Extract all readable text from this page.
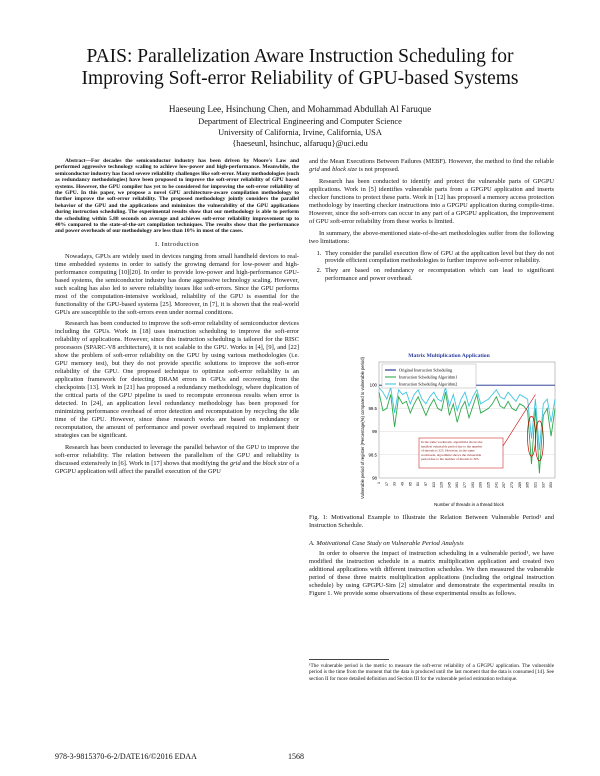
PAIS: Parallelization Aware Instruction Scheduling for
Improving Soft-error Reliability of GPU-based Systems
Haeseung Lee, Hsinchung Chen, and Mohammad Abdullah Al Faruque
Department of Electrical Engineering and Computer Science
University of California, Irvine, California, USA
{haeseunl, hsinchuc, alfaruqu}@uci.edu

Abstract—For decades the semiconductor industry has been driven by Moore's Law and performed aggressive technology scaling to achieve low-power and high-performance. Meanwhile, the semiconductor industry has faced severe reliability challenges like soft-error. Many methodologies (such as redundancy methodologies) have been proposed to improve the soft-error reliability of GPU based systems. However, the GPU compiler has yet to be considered for improving the soft-error reliability of the GPU. In this paper, we propose a novel GPU architecture-aware compilation methodology to further improve the soft-error reliability. The proposed methodology jointly considers the parallel behavior of the GPU and the applications and minimizes the vulnerability of the GPU applications during instruction scheduling. The experimental results show that our methodology is able to perform the scheduling within 5.88 seconds on average and achieves soft-error reliability improvement up to 40% compared to the state-of-the-art compilation techniques. The results show that the performance and power overheads of our methodology are less than 10% in most of the cases.

I. Introduction

Nowadays, GPUs are widely used in devices ranging from small handheld devices to real-time embedded systems in order to satisfy the growing demand for low-power and high-performance computing [10][20]. In order to provide low-power and high-performance GPU-based systems, the semiconductor industry has done aggressive technology scaling. However, such scaling has also led to severe reliability issues like soft-errors. Since the GPU performs most of the computation-intensive workload, reliability of the GPU is essential for the functionality of the GPU-based systems [25]. Moreover, in [7], it is shown that the real-world GPUs are susceptible to the soft-errors even under normal conditions.

Research has been conducted to improve the soft-error reliability of semiconductor devices including the GPUs. Work in [18] uses instruction scheduling to improve the soft-error reliability of applications. However, since this instruction scheduling is tailored for the RISC processors (SPARC-V8 architecture), it is not scalable to the GPU. Works in [4], [9], and [22] show the problem of soft-error reliability on the GPU by using various methodologies (i.e. GPU memory test), but they do not provide specific solutions to improve the soft-error reliability of the GPU. One proposed technique to optimize soft-error reliability is an application framework for detecting DRAM errors in GPUs and recovering from the checkpoints [13]. Work in [21] has proposed a redundancy methodology, where duplication of the critical parts of the GPU pipeline is used to recompute erroneous results when error is detected. In [24], an application level redundancy methodology has been proposed for minimizing performance overhead of error detection and recomputation by recycling the idle time of the GPU. However, since these research works are based on redundancy or recomputation, the amount of performance and power overhead required to implement their strategies can be significant.

Research has been conducted to leverage the parallel behavior of the GPU to improve the soft-error reliability. The relation between the parallelism of the GPU and reliability is discussed extensively in [6]. Work in [17] shows that modifying the grid and the block size of a GPGPU application will affect the parallel execution of the GPU

and the Mean Executions Between Failures (MEBF). However, the method to find the reliable grid and block size is not proposed.

Research has been conducted to identify and protect the vulnerable parts of GPGPU applications. Work in [5] identifies vulnerable parts from a GPGPU application and inserts checker functions to protect these parts. Work in [12] has proposed a memory access protection methodology by inserting checker instructions into a GPGPU application during compile-time. However, since the soft-errors can occur in any part of a GPGPU application, the improvement of GPU soft-error reliability from these works is limited.

In summary, the above-mentioned state-of-the-art methodologies suffer from the following two limitations:

1. They consider the parallel execution flow of GPU at the application level but they do not provide efficient compilation methodologies to further improve soft-error reliability.
2. They are based on redundancy or recomputation which can lead to significant performance and power overhead.
Vulnerable period of register (Percentage(%) compared to vulnerable period)
Number of threads in a thread block
100
99.5
99
98.5
98
1 17 33 49 65 81 97 113 129 145 161 177 193 209 225 241 257 273 289 305 321 337 353
In the same workloads, algorithm1 shows the
smallest vulnerable period due to the number
of threads is 325. However, in the same
workloads, algorithm2 shows the vulnerable
period due to the number of threads is 305.
Original Instruction Scheduling
Instruction Scheduling Algorithm1
Instruction Scheduling Algorithm2
Matrix Multiplication Application
Fig. 1: Motivational Example to Illustrate the Relation Between Vulnerable Period¹ and Instruction Schedule.

A. Motivational Case Study on Vulnerable Period Analysis

In order to observe the impact of instruction scheduling in a vulnerable period¹, we have modified the instruction schedule in a matrix multiplication application and created two additional applications with different instruction schedules. We then measured the vulnerable period of these three matrix multiplication applications (including the original instruction schedule) by using GPGPU-Sim [2] simulator and demonstrate the experimental results in Figure 1. We provide some observations of these experimental results as follows.

¹The vulnerable period is the metric to measure the soft-error reliability of a GPGPU application. The vulnerable period is the time from the moment that the data is produced until the last moment that the data is consumed [14]. See section II for more detailed definition and Section III for the vulnerable period estimation technique.
978-3-9815370-6-2/DATE16/©2016 EDAA	1568
